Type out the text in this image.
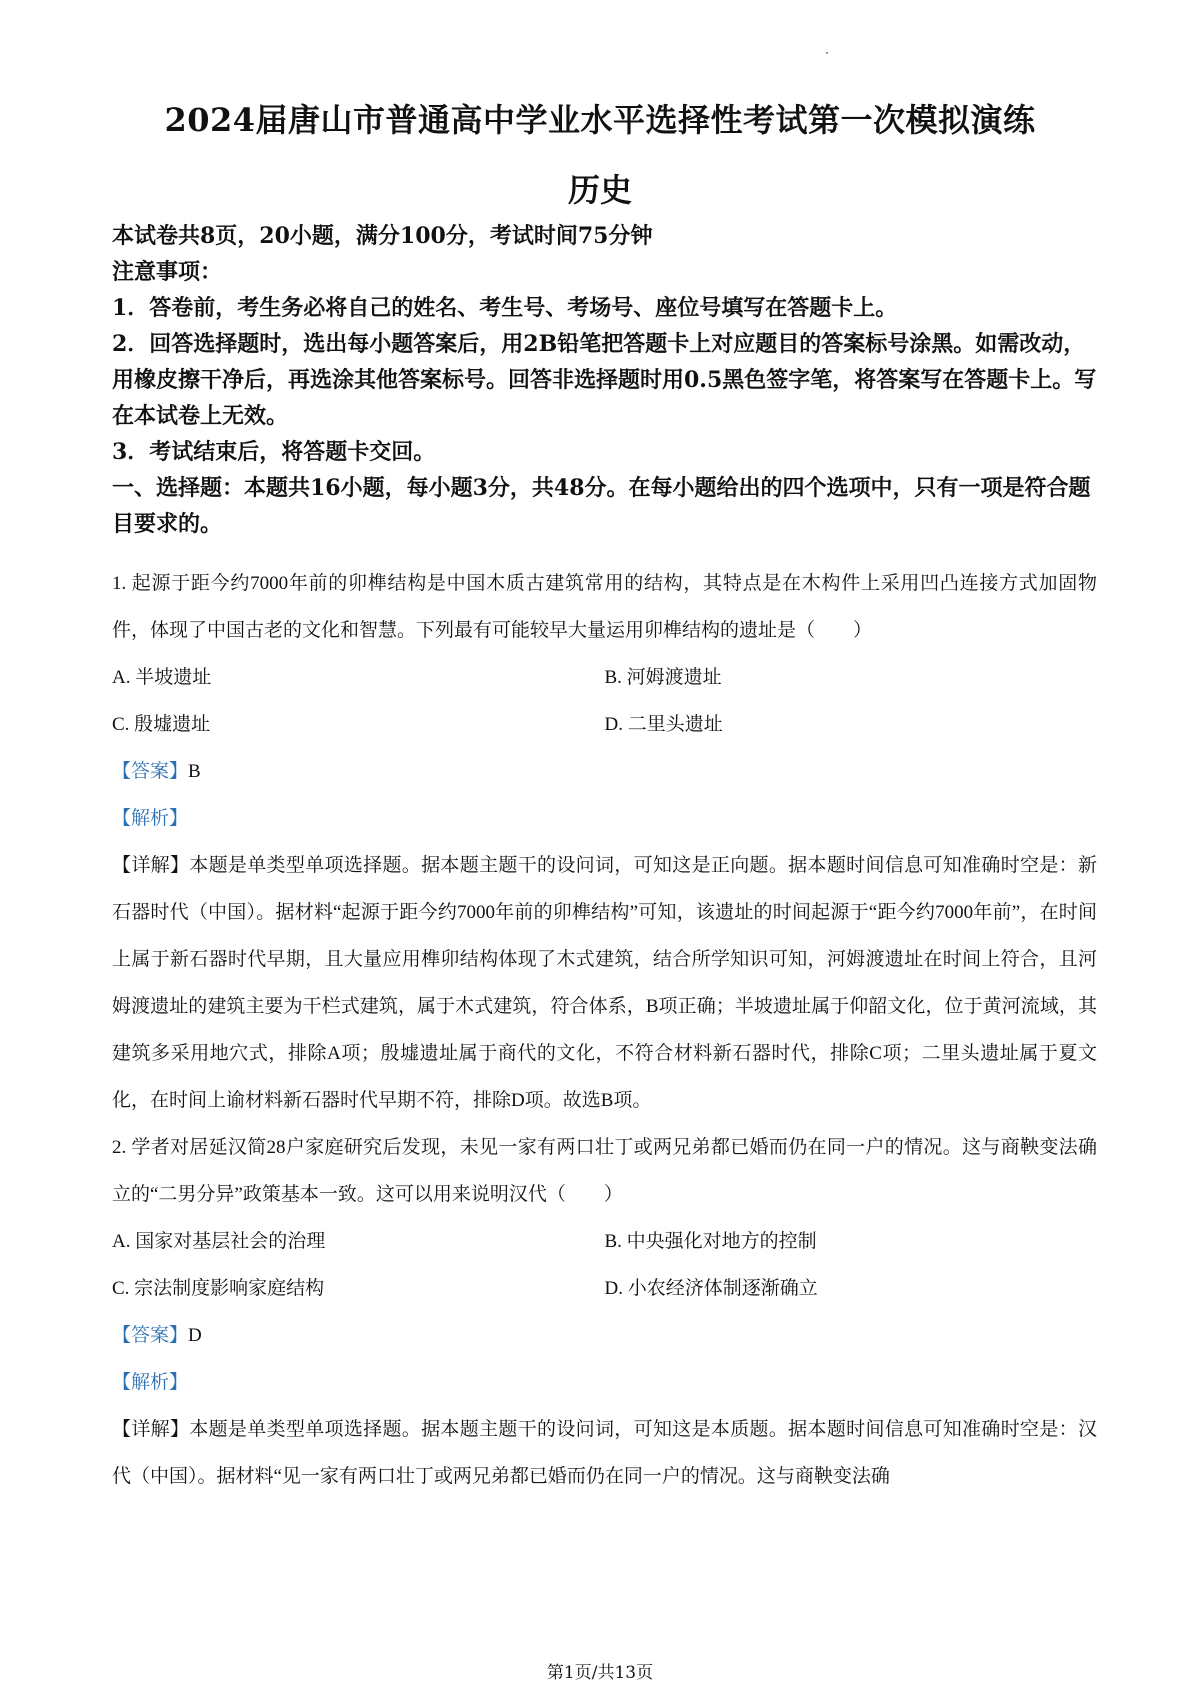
2024届唐山市普通高中学业水平选择性考试第一次模拟演练
历史

本试卷共8页，20小题，满分100分，考试时间75分钟

注意事项：

1．答卷前，考生务必将自己的姓名、考生号、考场号、座位号填写在答题卡上。

2．回答选择题时，选出每小题答案后，用2B铅笔把答题卡上对应题目的答案标号涂黑。如需改动，用橡皮擦干净后，再选涂其他答案标号。回答非选择题时用0.5黑色签字笔，将答案写在答题卡上。写在本试卷上无效。

3．考试结束后，将答题卡交回。

一、选择题：本题共16小题，每小题3分，共48分。在每小题给出的四个选项中，只有一项是符合题目要求的。

1. 起源于距今约7000年前的卯榫结构是中国木质古建筑常用的结构，其特点是在木构件上采用凹凸连接方式加固物件，体现了中国古老的文化和智慧。下列最有可能较早大量运用卯榫结构的遗址是（　　）

A. 半坡遗址	B. 河姆渡遗址
C. 殷墟遗址	D. 二里头遗址

【答案】B

【解析】

【详解】本题是单类型单项选择题。据本题主题干的设问词，可知这是正向题。据本题时间信息可知准确时空是：新石器时代（中国）。据材料“起源于距今约7000年前的卯榫结构”可知，该遗址的时间起源于“距今约7000年前”，在时间上属于新石器时代早期，且大量应用榫卯结构体现了木式建筑，结合所学知识可知，河姆渡遗址在时间上符合，且河姆渡遗址的建筑主要为干栏式建筑，属于木式建筑，符合体系，B项正确；半坡遗址属于仰韶文化，位于黄河流域，其建筑多采用地穴式，排除A项；殷墟遗址属于商代的文化，不符合材料新石器时代，排除C项；二里头遗址属于夏文化，在时间上谕材料新石器时代早期不符，排除D项。故选B项。

2. 学者对居延汉简28户家庭研究后发现，未见一家有两口壮丁或两兄弟都已婚而仍在同一户的情况。这与商鞅变法确立的“二男分异”政策基本一致。这可以用来说明汉代（　　）

A. 国家对基层社会的治理	B. 中央强化对地方的控制
C. 宗法制度影响家庭结构	D. 小农经济体制逐渐确立

【答案】D

【解析】

【详解】本题是单类型单项选择题。据本题主题干的设问词，可知这是本质题。据本题时间信息可知准确时空是：汉代（中国）。据材料“见一家有两口壮丁或两兄弟都已婚而仍在同一户的情况。这与商鞅变法确

第1页/共13页
